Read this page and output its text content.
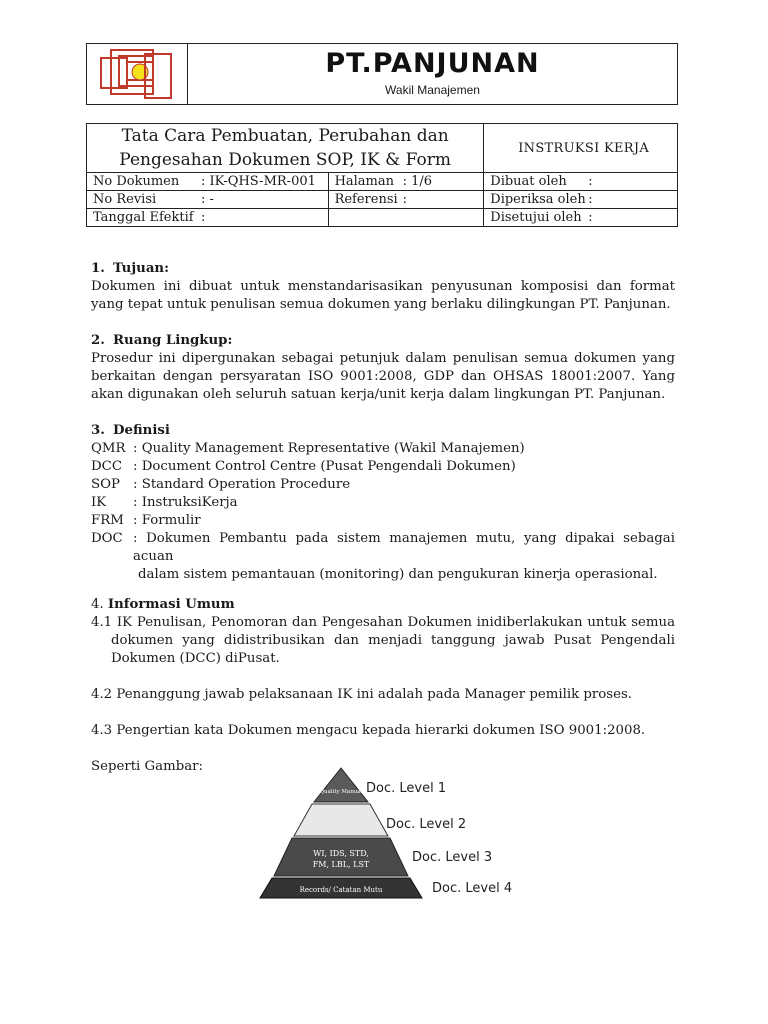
PT.PANJUNAN
Wakil Manajemen
Tata Cara Pembuatan, Perubahan dan
Pengesahan Dokumen SOP, IK & Form		INSTRUKSI KERJA
No Dokumen : IK-QHS-MR-001	Halaman : 1/6	Dibuat oleh :
No Revisi : -	Referensi :	Diperiksa oleh :
Tanggal Efektif :		Disetujui oleh :
1. Tujuan:

Dokumen ini dibuat untuk menstandarisasikan penyusunan komposisi dan format yang tepat untuk penulisan semua dokumen yang berlaku dilingkungan PT. Panjunan.

2. Ruang Lingkup:

Prosedur ini dipergunakan sebagai petunjuk dalam penulisan semua dokumen yang berkaitan dengan persyaratan ISO 9001:2008, GDP dan OHSAS 18001:2007. Yang akan digunakan oleh seluruh satuan kerja/unit kerja dalam lingkungan PT. Panjunan.

3. Definisi
QMR : Quality Management Representative (Wakil Manajemen)
DCC : Document Control Centre (Pusat Pengendali Dokumen)
SOP : Standard Operation Procedure
IK	: InstruksiKerja
FRM : Formulir
DOC : Dokumen Pembantu pada sistem manajemen mutu, yang dipakai sebagai acuan
dalam sistem pemantauan (monitoring) dan pengukuran kinerja operasional.
4. Informasi Umum

4.1 IK Penulisan, Penomoran dan Pengesahan Dokumen inidiberlakukan untuk semua dokumen yang didistribusikan dan menjadi tanggung jawab Pusat Pengendali Dokumen (DCC) diPusat.

4.2 Penanggung jawab pelaksanaan IK ini adalah pada Manager pemilik proses.

4.3 Pengertian kata Dokumen mengacu kepada hierarki dokumen ISO 9001:2008.

Seperti Gambar:

Quality Manual
WI, IDS, STD,
FM, LBL, LST
Records/ Catatan Mutu
Doc. Level 1
Doc. Level 2
Doc. Level 3
Doc. Level 4
